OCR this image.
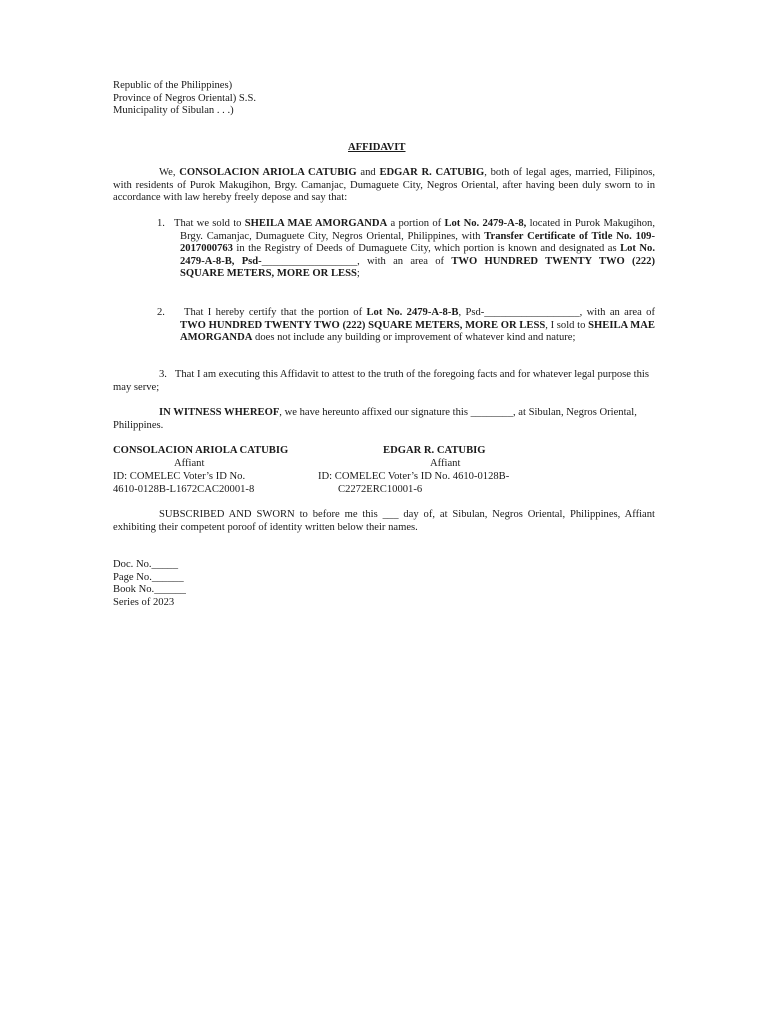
Republic of the Philippines)
Province of Negros Oriental) S.S.
Municipality of Sibulan . . .)
AFFIDAVIT
We, CONSOLACION ARIOLA CATUBIG and EDGAR R. CATUBIG, both of legal ages, married, Filipinos, with residents of Purok Makugihon, Brgy. Camanjac, Dumaguete City, Negros Oriental, after having been duly sworn to in accordance with law hereby freely depose and say that:
1. That we sold to SHEILA MAE AMORGANDA a portion of Lot No. 2479-A-8, located in Purok Makugihon, Brgy. Camanjac, Dumaguete City, Negros Oriental, Philippines, with Transfer Certificate of Title No. 109-2017000763 in the Registry of Deeds of Dumaguete City, which portion is known and designated as Lot No. 2479-A-8-B, Psd-__________________, with an area of TWO HUNDRED TWENTY TWO (222) SQUARE METERS, MORE OR LESS;
2.	That I hereby certify that the portion of Lot No. 2479-A-8-B, Psd-__________________, with an area of TWO HUNDRED TWENTY TWO (222) SQUARE METERS, MORE OR LESS, I sold to SHEILA MAE AMORGANDA does not include any building or improvement of whatever kind and nature;
3. That I am executing this Affidavit to attest to the truth of the foregoing facts and for whatever legal purpose this may serve;
IN WITNESS WHEREOF, we have hereunto affixed our signature this ________, at Sibulan, Negros Oriental, Philippines.
CONSOLACION ARIOLA CATUBIG
Affiant
ID: COMELEC Voter’s ID No.
4610-0128B-L1672CAC20001-8
EDGAR R. CATUBIG
Affiant
ID: COMELEC Voter’s ID No. 4610-0128B-
C2272ERC10001-6
SUBSCRIBED AND SWORN to before me this ___ day of, at Sibulan, Negros Oriental, Philippines, Affiant exhibiting their competent poroof of identity written below their names.
Doc. No._____
Page No.______
Book No.______
Series of 2023
